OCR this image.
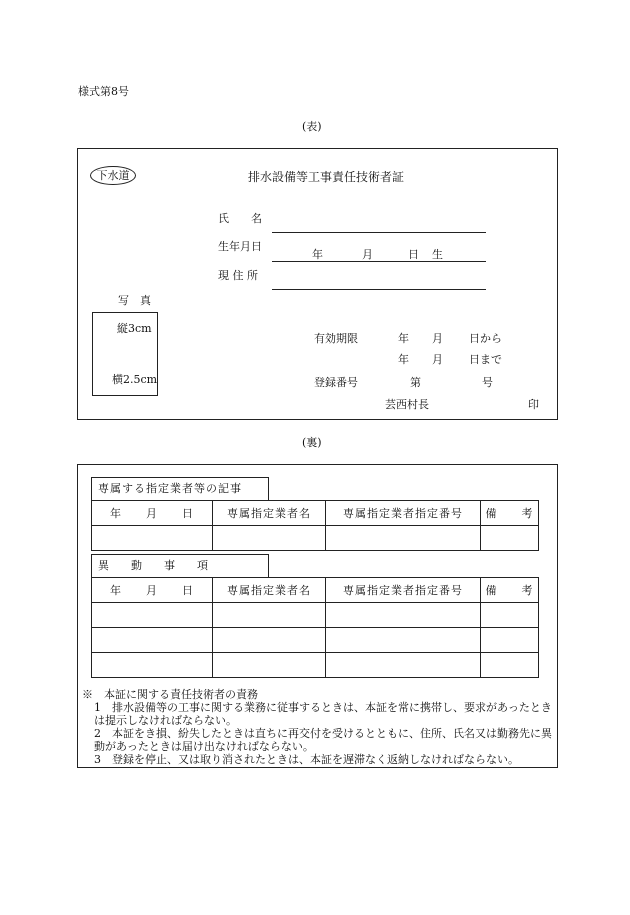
様式第8号
(表)
下水道	排水設備等工事責任技術者証
氏　　名
生年月日
年	月	日 生
現 住 所
写　真
縦3cm
横2.5cm
有効期限	年 月 日から
年 月 日まで
登録番号	第	号
芸西村長	印
(裏)
専属する指定業者等の記事
年　　月　　日	専属指定業者名	専属指定業者指定番号	備　　考

異　　動　　事　　項
年　　月　　日	専属指定業者名	専属指定業者指定番号	備　　考

※　本証に関する責任技術者の責務
1　排水設備等の工事に関する業務に従事するときは、本証を常に携帯し、要求があったときは提示しなければならない。
2　本証をき損、紛失したときは直ちに再交付を受けるとともに、住所、氏名又は勤務先に異動があったときは届け出なければならない。
3　登録を停止、又は取り消されたときは、本証を遅滞なく返納しなければならない。
